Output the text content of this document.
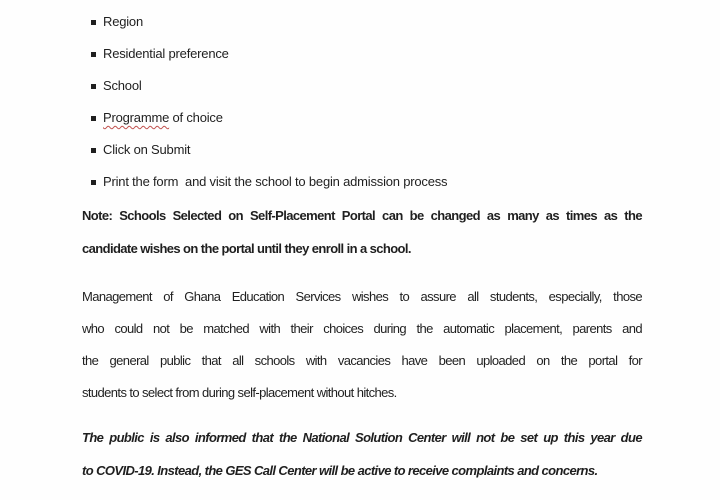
Region
Residential preference
School
Programme of choice
Click on Submit
Print the form  and visit the school to begin admission process
Note: Schools Selected on Self-Placement Portal can be changed as many as times as the
candidate wishes on the portal until they enroll in a school.
Management of Ghana Education Services wishes to assure all students, especially, those
who could not be matched with their choices during the automatic placement, parents and
the general public that all schools with vacancies have been uploaded on the portal for
students to select from during self-placement without hitches.
The public is also informed that the National Solution Center will not be set up this year due
to COVID-19. Instead, the GES Call Center will be active to receive complaints and concerns.
